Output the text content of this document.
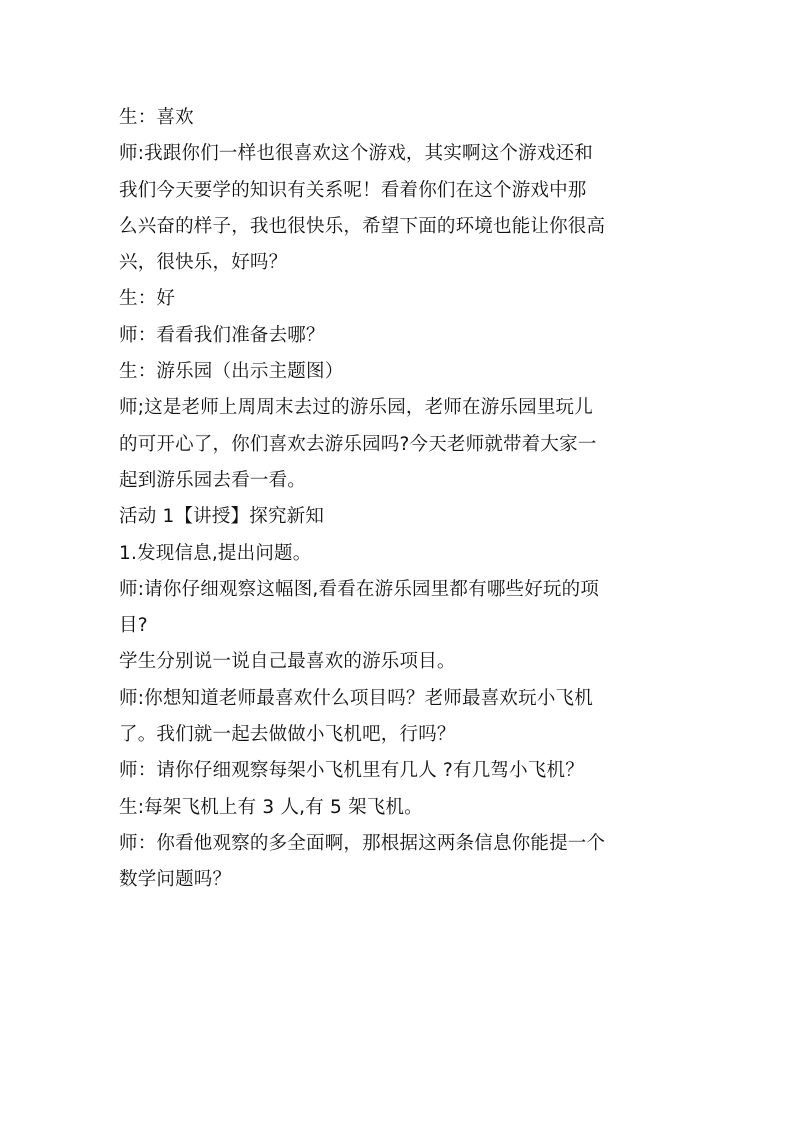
生：喜欢
师:我跟你们一样也很喜欢这个游戏，其实啊这个游戏还和
我们今天要学的知识有关系呢！看着你们在这个游戏中那
么兴奋的样子，我也很快乐，希望下面的环境也能让你很高
兴，很快乐，好吗？
生：好
师：看看我们准备去哪？
生：游乐园（出示主题图）
师;这是老师上周周末去过的游乐园，老师在游乐园里玩儿
的可开心了，你们喜欢去游乐园吗?今天老师就带着大家一
起到游乐园去看一看。
活动 1【讲授】探究新知
1.发现信息,提出问题。
师:请你仔细观察这幅图,看看在游乐园里都有哪些好玩的项
目?
学生分别说一说自己最喜欢的游乐项目。
师:你想知道老师最喜欢什么项目吗？老师最喜欢玩小飞机
了。我们就一起去做做小飞机吧，行吗？
师：请你仔细观察每架小飞机里有几人 ?有几驾小飞机？
生:每架飞机上有 3 人,有 5 架飞机。
师：你看他观察的多全面啊，那根据这两条信息你能提一个
数学问题吗？
